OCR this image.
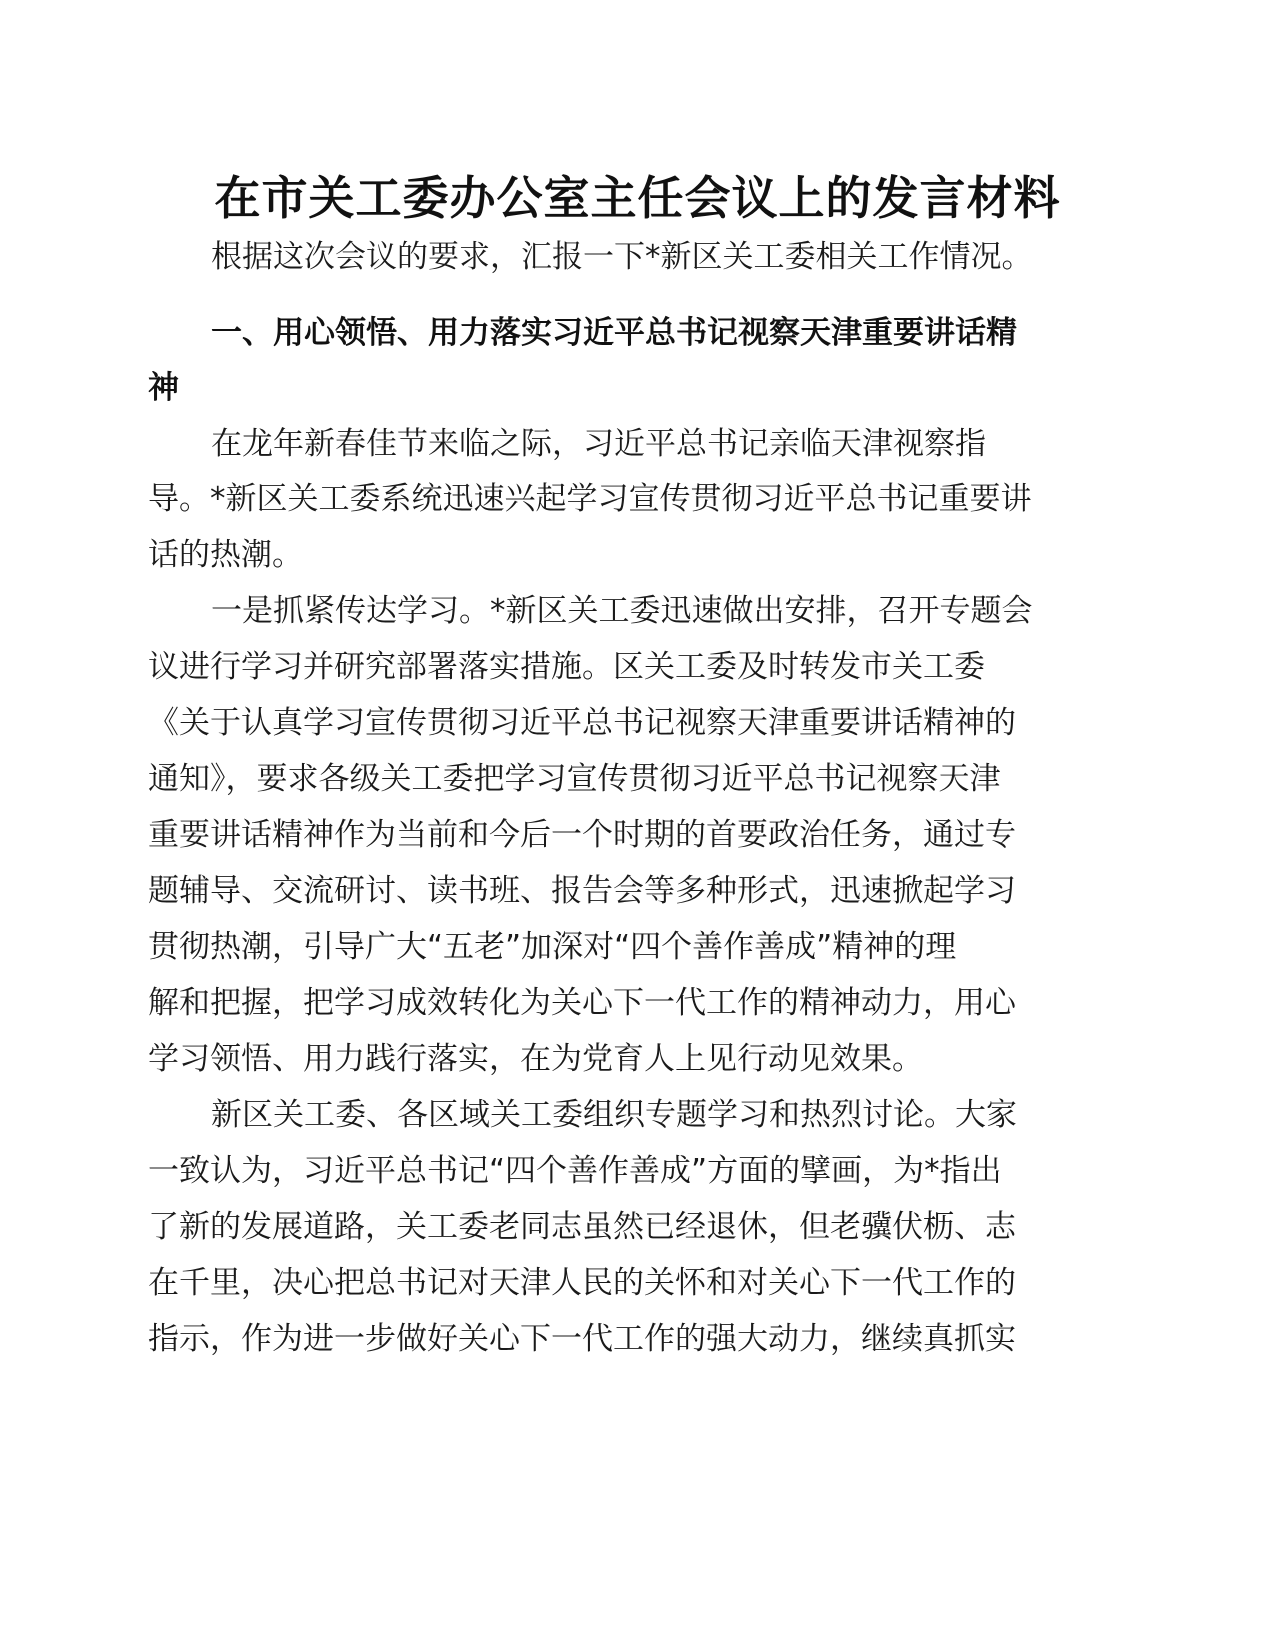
在市关工委办公室主任会议上的发言材料
根据这次会议的要求，汇报一下*新区关工委相关工作情况。
一、用心领悟、用力落实习近平总书记视察天津重要讲话精
神
在龙年新春佳节来临之际，习近平总书记亲临天津视察指
导。*新区关工委系统迅速兴起学习宣传贯彻习近平总书记重要讲
话的热潮。
一是抓紧传达学习。*新区关工委迅速做出安排，召开专题会
议进行学习并研究部署落实措施。区关工委及时转发市关工委
《关于认真学习宣传贯彻习近平总书记视察天津重要讲话精神的
通知》，要求各级关工委把学习宣传贯彻习近平总书记视察天津
重要讲话精神作为当前和今后一个时期的首要政治任务，通过专
题辅导、交流研讨、读书班、报告会等多种形式，迅速掀起学习
贯彻热潮，引导广大“五老”加深对“四个善作善成”精神的理
解和把握，把学习成效转化为关心下一代工作的精神动力，用心
学习领悟、用力践行落实，在为党育人上见行动见效果。
新区关工委、各区域关工委组织专题学习和热烈讨论。大家
一致认为，习近平总书记“四个善作善成”方面的擘画，为*指出
了新的发展道路，关工委老同志虽然已经退休，但老骥伏枥、志
在千里，决心把总书记对天津人民的关怀和对关心下一代工作的
指示，作为进一步做好关心下一代工作的强大动力，继续真抓实
